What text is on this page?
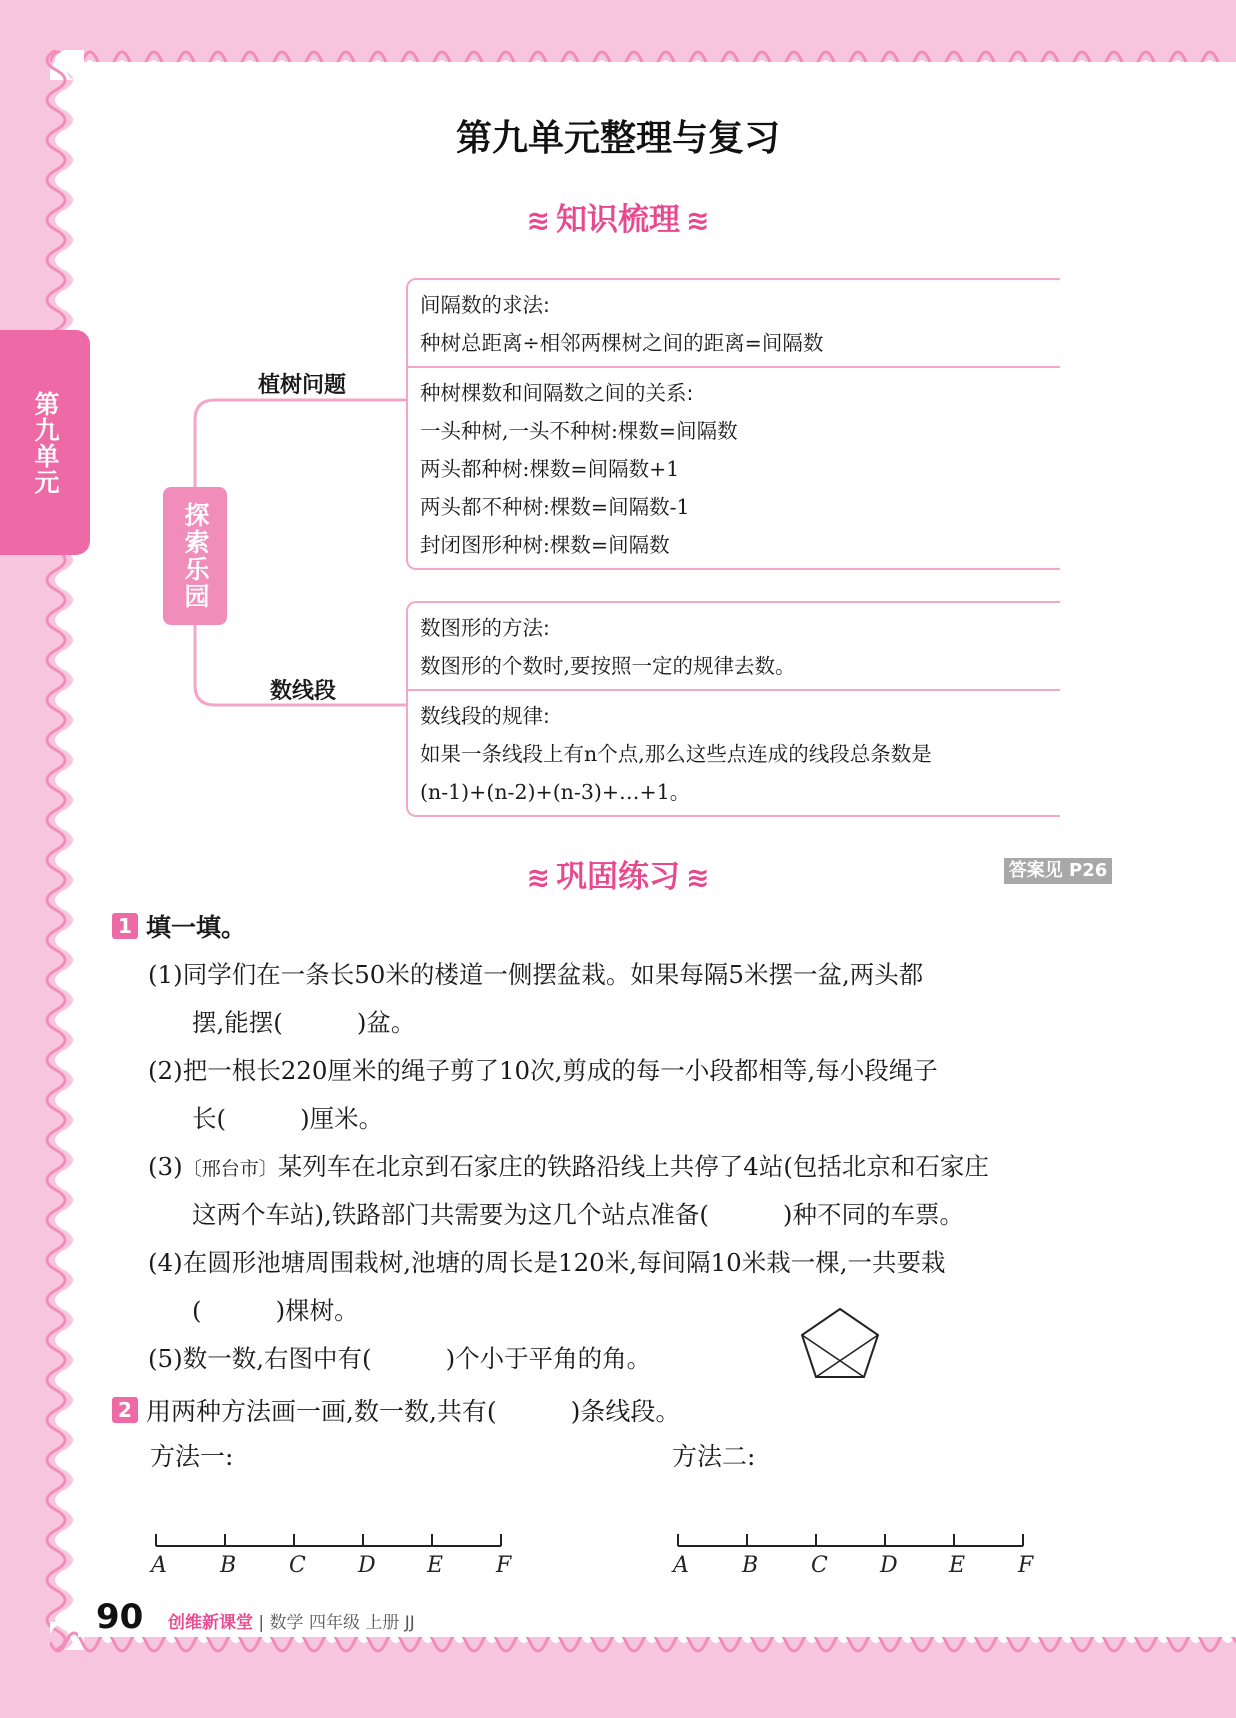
第九单元
第九单元整理与复习
≋ 知识梳理 ≋
探索乐园
植树问题
数线段
间隔数的求法:
种树总距离÷相邻两棵树之间的距离=间隔数
种树棵数和间隔数之间的关系:
一头种树,一头不种树:棵数=间隔数
两头都种树:棵数=间隔数+1
两头都不种树:棵数=间隔数-1
封闭图形种树:棵数=间隔数
数图形的方法:
数图形的个数时,要按照一定的规律去数。
数线段的规律:
如果一条线段上有n个点,那么这些点连成的线段总条数是
(n-1)+(n-2)+(n-3)+…+1。
≋ 巩固练习 ≋	答案见 P26
1 填一填。
(1)同学们在一条长50米的楼道一侧摆盆栽。如果每隔5米摆一盆,两头都
摆,能摆(	)盆。
(2)把一根长220厘米的绳子剪了10次,剪成的每一小段都相等,每小段绳子
长(	)厘米。
(3)〔邢台市〕某列车在北京到石家庄的铁路沿线上共停了4站(包括北京和石家庄
这两个车站),铁路部门共需要为这几个站点准备(	)种不同的车票。
(4)在圆形池塘周围栽树,池塘的周长是120米,每间隔10米栽一棵,一共要栽
(	)棵树。
(5)数一数,右图中有(	)个小于平角的角。
2 用两种方法画一画,数一数,共有(	)条线段。
方法一:	方法二:
A B C D E F	A B C D E F
90 创维新课堂 | 数学 四年级 上册 JJ
